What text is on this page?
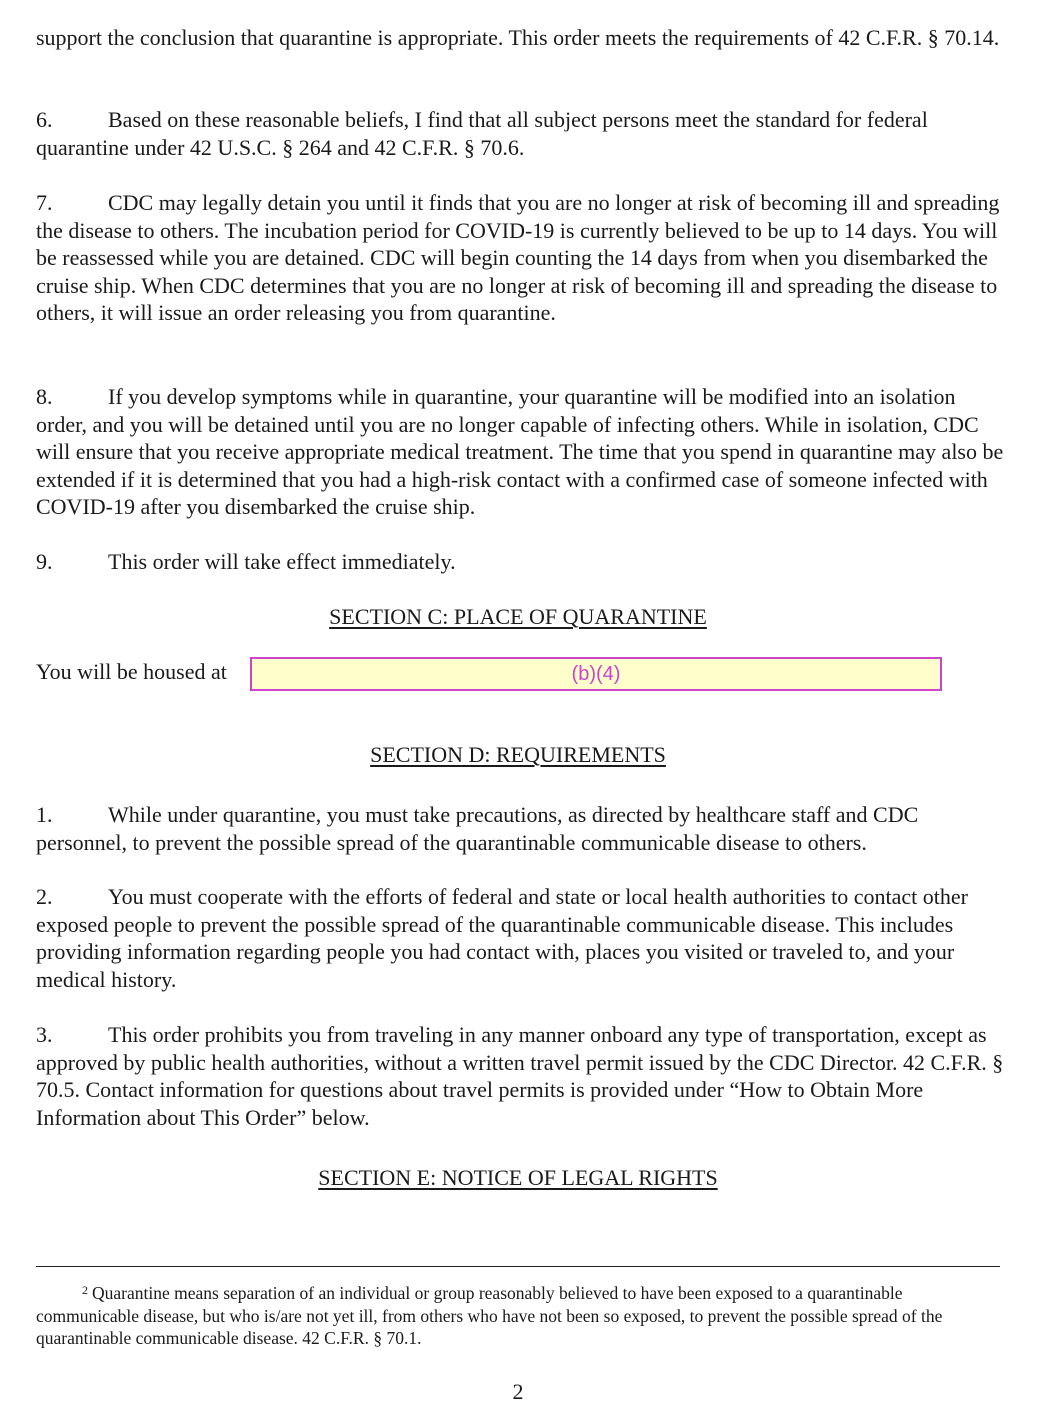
support the conclusion that quarantine is appropriate. This order meets the requirements of 42 C.F.R. § 70.14.

6.	Based on these reasonable beliefs, I find that all subject persons meet the standard for federal quarantine under 42 U.S.C. § 264 and 42 C.F.R. § 70.6.

7.	CDC may legally detain you until it finds that you are no longer at risk of becoming ill and spreading the disease to others. The incubation period for COVID-19 is currently believed to be up to 14 days. You will be reassessed while you are detained. CDC will begin counting the 14 days from when you disembarked the cruise ship. When CDC determines that you are no longer at risk of becoming ill and spreading the disease to others, it will issue an order releasing you from quarantine.

8.	If you develop symptoms while in quarantine, your quarantine will be modified into an isolation order, and you will be detained until you are no longer capable of infecting others. While in isolation, CDC will ensure that you receive appropriate medical treatment. The time that you spend in quarantine may also be extended if it is determined that you had a high-risk contact with a confirmed case of someone infected with COVID-19 after you disembarked the cruise ship.

9.	This order will take effect immediately.

SECTION C: PLACE OF QUARANTINE
You will be housed at	(b)(4)
SECTION D: REQUIREMENTS

1.	While under quarantine, you must take precautions, as directed by healthcare staff and CDC personnel, to prevent the possible spread of the quarantinable communicable disease to others.

2.	You must cooperate with the efforts of federal and state or local health authorities to contact other exposed people to prevent the possible spread of the quarantinable communicable disease. This includes providing information regarding people you had contact with, places you visited or traveled to, and your medical history.

3.	This order prohibits you from traveling in any manner onboard any type of transportation, except as approved by public health authorities, without a written travel permit issued by the CDC Director. 42 C.F.R. § 70.5. Contact information for questions about travel permits is provided under “How to Obtain More Information about This Order” below.

SECTION E: NOTICE OF LEGAL RIGHTS

$^2$ Quarantine means separation of an individual or group reasonably believed to have been exposed to a quarantinable communicable disease, but who is/are not yet ill, from others who have not been so exposed, to prevent the possible spread of the quarantinable communicable disease. 42 C.F.R. § 70.1.

2
